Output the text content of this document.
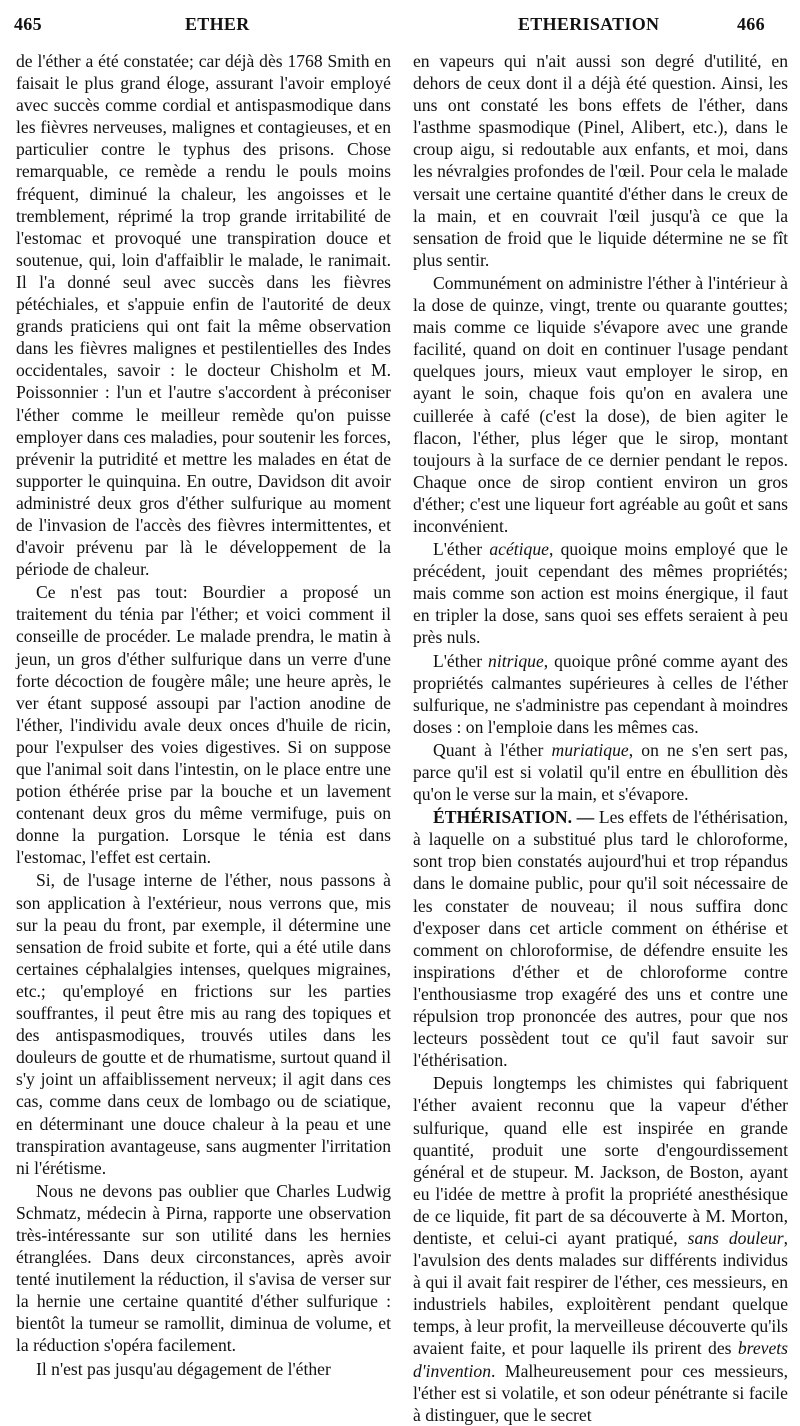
465	ETHER	ETHERISATION	466

de l'éther a été constatée; car déjà dès 1768 Smith en faisait le plus grand éloge, assurant l'avoir employé avec succès comme cordial et antispasmodique dans les fièvres nerveuses, malignes et contagieuses, et en particulier contre le typhus des prisons. Chose remarquable, ce remède a rendu le pouls moins fréquent, diminué la chaleur, les angoisses et le tremblement, réprimé la trop grande irritabilité de l'estomac et provoqué une transpiration douce et soutenue, qui, loin d'affaiblir le malade, le ranimait. Il l'a donné seul avec succès dans les fièvres pétéchiales, et s'appuie enfin de l'autorité de deux grands praticiens qui ont fait la même observation dans les fièvres malignes et pestilentielles des Indes occidentales, savoir : le docteur Chisholm et M. Poissonnier : l'un et l'autre s'accordent à préconiser l'éther comme le meilleur remède qu'on puisse employer dans ces maladies, pour soutenir les forces, prévenir la putridité et mettre les malades en état de supporter le quinquina. En outre, Davidson dit avoir administré deux gros d'éther sulfurique au moment de l'invasion de l'accès des fièvres intermittentes, et d'avoir prévenu par là le développement de la période de chaleur.

Ce n'est pas tout: Bourdier a proposé un traitement du ténia par l'éther; et voici comment il conseille de procéder. Le malade prendra, le matin à jeun, un gros d'éther sulfurique dans un verre d'une forte décoction de fougère mâle; une heure après, le ver étant supposé assoupi par l'action anodine de l'éther, l'individu avale deux onces d'huile de ricin, pour l'expulser des voies digestives. Si on suppose que l'animal soit dans l'intestin, on le place entre une potion éthérée prise par la bouche et un lavement contenant deux gros du même vermifuge, puis on donne la purgation. Lorsque le ténia est dans l'estomac, l'effet est certain.

Si, de l'usage interne de l'éther, nous passons à son application à l'extérieur, nous verrons que, mis sur la peau du front, par exemple, il détermine une sensation de froid subite et forte, qui a été utile dans certaines céphalalgies intenses, quelques migraines, etc.; qu'employé en frictions sur les parties souffrantes, il peut être mis au rang des topiques et des antispasmodiques, trouvés utiles dans les douleurs de goutte et de rhumatisme, surtout quand il s'y joint un affaiblissement nerveux; il agit dans ces cas, comme dans ceux de lombago ou de sciatique, en déterminant une douce chaleur à la peau et une transpiration avantageuse, sans augmenter l'irritation ni l'érétisme.

Nous ne devons pas oublier que Charles Ludwig Schmatz, médecin à Pirna, rapporte une observation très-intéressante sur son utilité dans les hernies étranglées. Dans deux circonstances, après avoir tenté inutilement la réduction, il s'avisa de verser sur la hernie une certaine quantité d'éther sulfurique : bientôt la tumeur se ramollit, diminua de volume, et la réduction s'opéra facilement.

Il n'est pas jusqu'au dégagement de l'éther

en vapeurs qui n'ait aussi son degré d'utilité, en dehors de ceux dont il a déjà été question. Ainsi, les uns ont constaté les bons effets de l'éther, dans l'asthme spasmodique (Pinel, Alibert, etc.), dans le croup aigu, si redoutable aux enfants, et moi, dans les névralgies profondes de l'œil. Pour cela le malade versait une certaine quantité d'éther dans le creux de la main, et en couvrait l'œil jusqu'à ce que la sensation de froid que le liquide détermine ne se fît plus sentir.

Communément on administre l'éther à l'intérieur à la dose de quinze, vingt, trente ou quarante gouttes; mais comme ce liquide s'évapore avec une grande facilité, quand on doit en continuer l'usage pendant quelques jours, mieux vaut employer le sirop, en ayant le soin, chaque fois qu'on en avalera une cuillerée à café (c'est la dose), de bien agiter le flacon, l'éther, plus léger que le sirop, montant toujours à la surface de ce dernier pendant le repos. Chaque once de sirop contient environ un gros d'éther; c'est une liqueur fort agréable au goût et sans inconvénient.

L'éther acétique, quoique moins employé que le précédent, jouit cependant des mêmes propriétés; mais comme son action est moins énergique, il faut en tripler la dose, sans quoi ses effets seraient à peu près nuls.

L'éther nitrique, quoique prôné comme ayant des propriétés calmantes supérieures à celles de l'éther sulfurique, ne s'administre pas cependant à moindres doses : on l'emploie dans les mêmes cas.

Quant à l'éther muriatique, on ne s'en sert pas, parce qu'il est si volatil qu'il entre en ébullition dès qu'on le verse sur la main, et s'évapore.

ÉTHÉRISATION. — Les effets de l'éthérisation, à laquelle on a substitué plus tard le chloroforme, sont trop bien constatés aujourd'hui et trop répandus dans le domaine public, pour qu'il soit nécessaire de les constater de nouveau; il nous suffira donc d'exposer dans cet article comment on éthérise et comment on chloroformise, de défendre ensuite les inspirations d'éther et de chloroforme contre l'enthousiasme trop exagéré des uns et contre une répulsion trop prononcée des autres, pour que nos lecteurs possèdent tout ce qu'il faut savoir sur l'éthérisation.

Depuis longtemps les chimistes qui fabriquent l'éther avaient reconnu que la vapeur d'éther sulfurique, quand elle est inspirée en grande quantité, produit une sorte d'engourdissement général et de stupeur. M. Jackson, de Boston, ayant eu l'idée de mettre à profit la propriété anesthésique de ce liquide, fit part de sa découverte à M. Morton, dentiste, et celui-ci ayant pratiqué, sans douleur, l'avulsion des dents malades sur différents individus à qui il avait fait respirer de l'éther, ces messieurs, en industriels habiles, exploitèrent pendant quelque temps, à leur profit, la merveilleuse découverte qu'ils avaient faite, et pour laquelle ils prirent des brevets d'invention. Malheureusement pour ces messieurs, l'éther est si volatile, et son odeur pénétrante si facile à distinguer, que le secret
